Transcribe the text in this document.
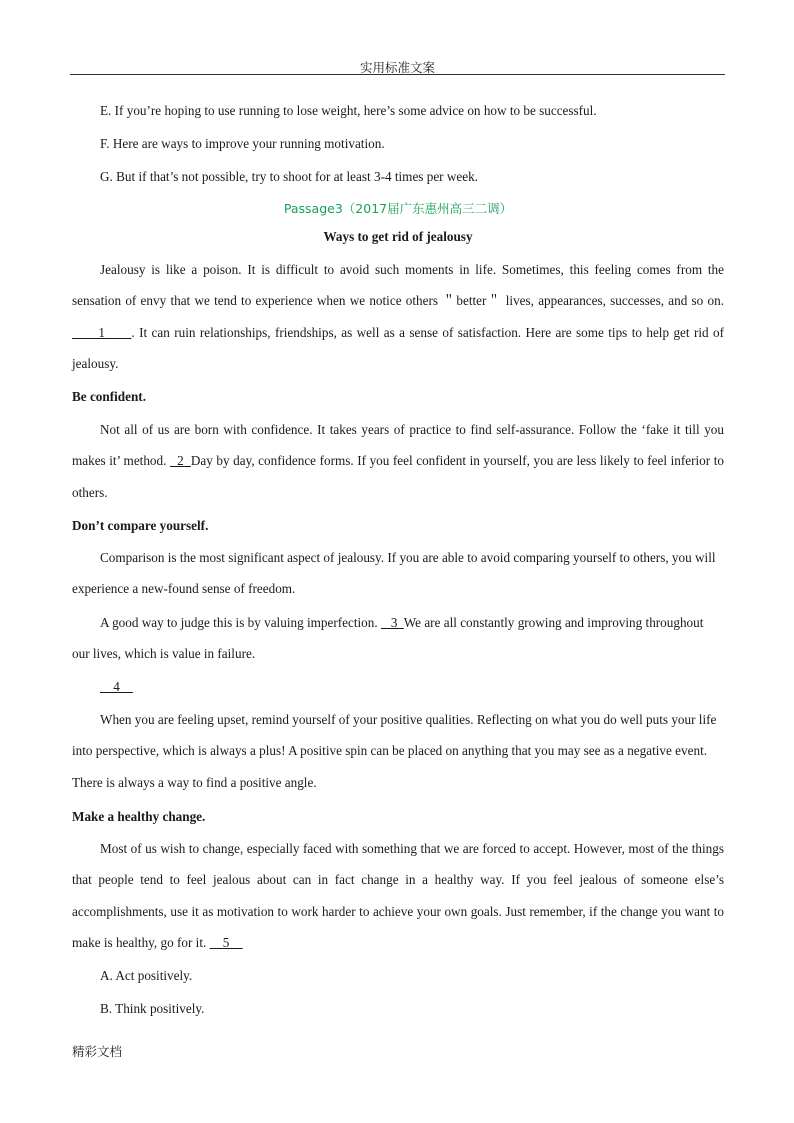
实用标准文案
E. If you’re hoping to use running to lose weight, here’s some advice on how to be successful.
F. Here are ways to improve your running motivation.
G. But if that’s not possible, try to shoot for at least 3-4 times per week.
Passage3（2017届广东惠州高三二调）
Ways to get rid of jealousy
Jealousy is like a poison. It is difficult to avoid such moments in life. Sometimes, this feeling comes from the sensation of envy that we tend to experience when we notice others ＂better＂ lives, appearances, successes, and so on.      1      . It can ruin relationships, friendships, as well as a sense of satisfaction. Here are some tips to help get rid of jealousy.
Be confident.
Not all of us are born with confidence. It takes years of practice to find self-assurance. Follow the ‘fake it till you makes it’ method.   2  Day by day, confidence forms. If you feel confident in yourself, you are less likely to feel inferior to others.
Don’t compare yourself.
Comparison is the most significant aspect of jealousy. If you are able to avoid comparing yourself to others, you will experience a new-found sense of freedom.
A good way to judge this is by valuing imperfection.    3  We are all constantly growing and improving throughout our lives, which is value in failure.
4
When you are feeling upset, remind yourself of your positive qualities. Reflecting on what you do well puts your life into perspective, which is always a plus! A positive spin can be placed on anything that you may see as a negative event. There is always a way to find a positive angle.
Make a healthy change.
Most of us wish to change, especially faced with something that we are forced to accept. However, most of the things that people tend to feel jealous about can in fact change in a healthy way. If you feel jealous of someone else’s accomplishments, use it as motivation to work harder to achieve your own goals. Just remember, if the change you want to make is healthy, go for it.     5
A. Act positively.
B. Think positively.
精彩文档
